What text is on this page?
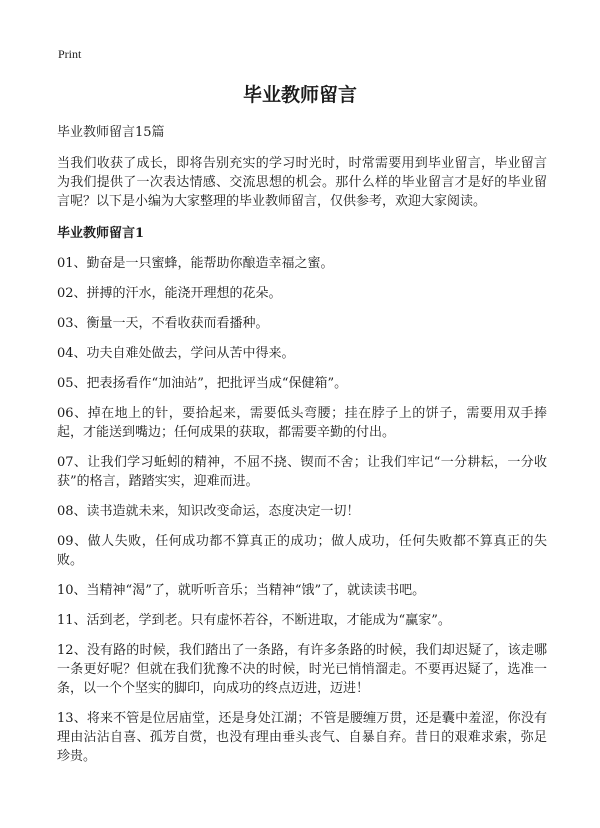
Print
毕业教师留言

毕业教师留言15篇

当我们收获了成长，即将告别充实的学习时光时，时常需要用到毕业留言，毕业留言为我们提供了一次表达情感、交流思想的机会。那什么样的毕业留言才是好的毕业留言呢？以下是小编为大家整理的毕业教师留言，仅供参考，欢迎大家阅读。

毕业教师留言1
01、勤奋是一只蜜蜂，能帮助你酿造幸福之蜜。
02、拼搏的汗水，能浇开理想的花朵。
03、衡量一天，不看收获而看播种。
04、功夫自难处做去，学问从苦中得来。
05、把表扬看作“加油站”，把批评当成“保健箱”。
06、掉在地上的针，要拾起来，需要低头弯腰；挂在脖子上的饼子，需要用双手捧起，才能送到嘴边；任何成果的获取，都需要辛勤的付出。
07、让我们学习蚯蚓的精神，不屈不挠、锲而不舍；让我们牢记“一分耕耘，一分收获”的格言，踏踏实实，迎难而进。
08、读书造就未来，知识改变命运，态度决定一切！
09、做人失败，任何成功都不算真正的成功；做人成功，任何失败都不算真正的失败。
10、当精神“渴”了，就听听音乐；当精神“饿”了，就读读书吧。
11、活到老，学到老。只有虚怀若谷，不断进取，才能成为“赢家”。
12、没有路的时候，我们踏出了一条路，有许多条路的时候，我们却迟疑了，该走哪一条更好呢？但就在我们犹豫不决的时候，时光已悄悄溜走。不要再迟疑了，选准一条，以一个个坚实的脚印，向成功的终点迈进，迈进！
13、将来不管是位居庙堂，还是身处江湖；不管是腰缠万贯，还是囊中羞涩，你没有理由沾沾自喜、孤芳自赏，也没有理由垂头丧气、自暴自弃。昔日的艰难求索，弥足珍贵。
